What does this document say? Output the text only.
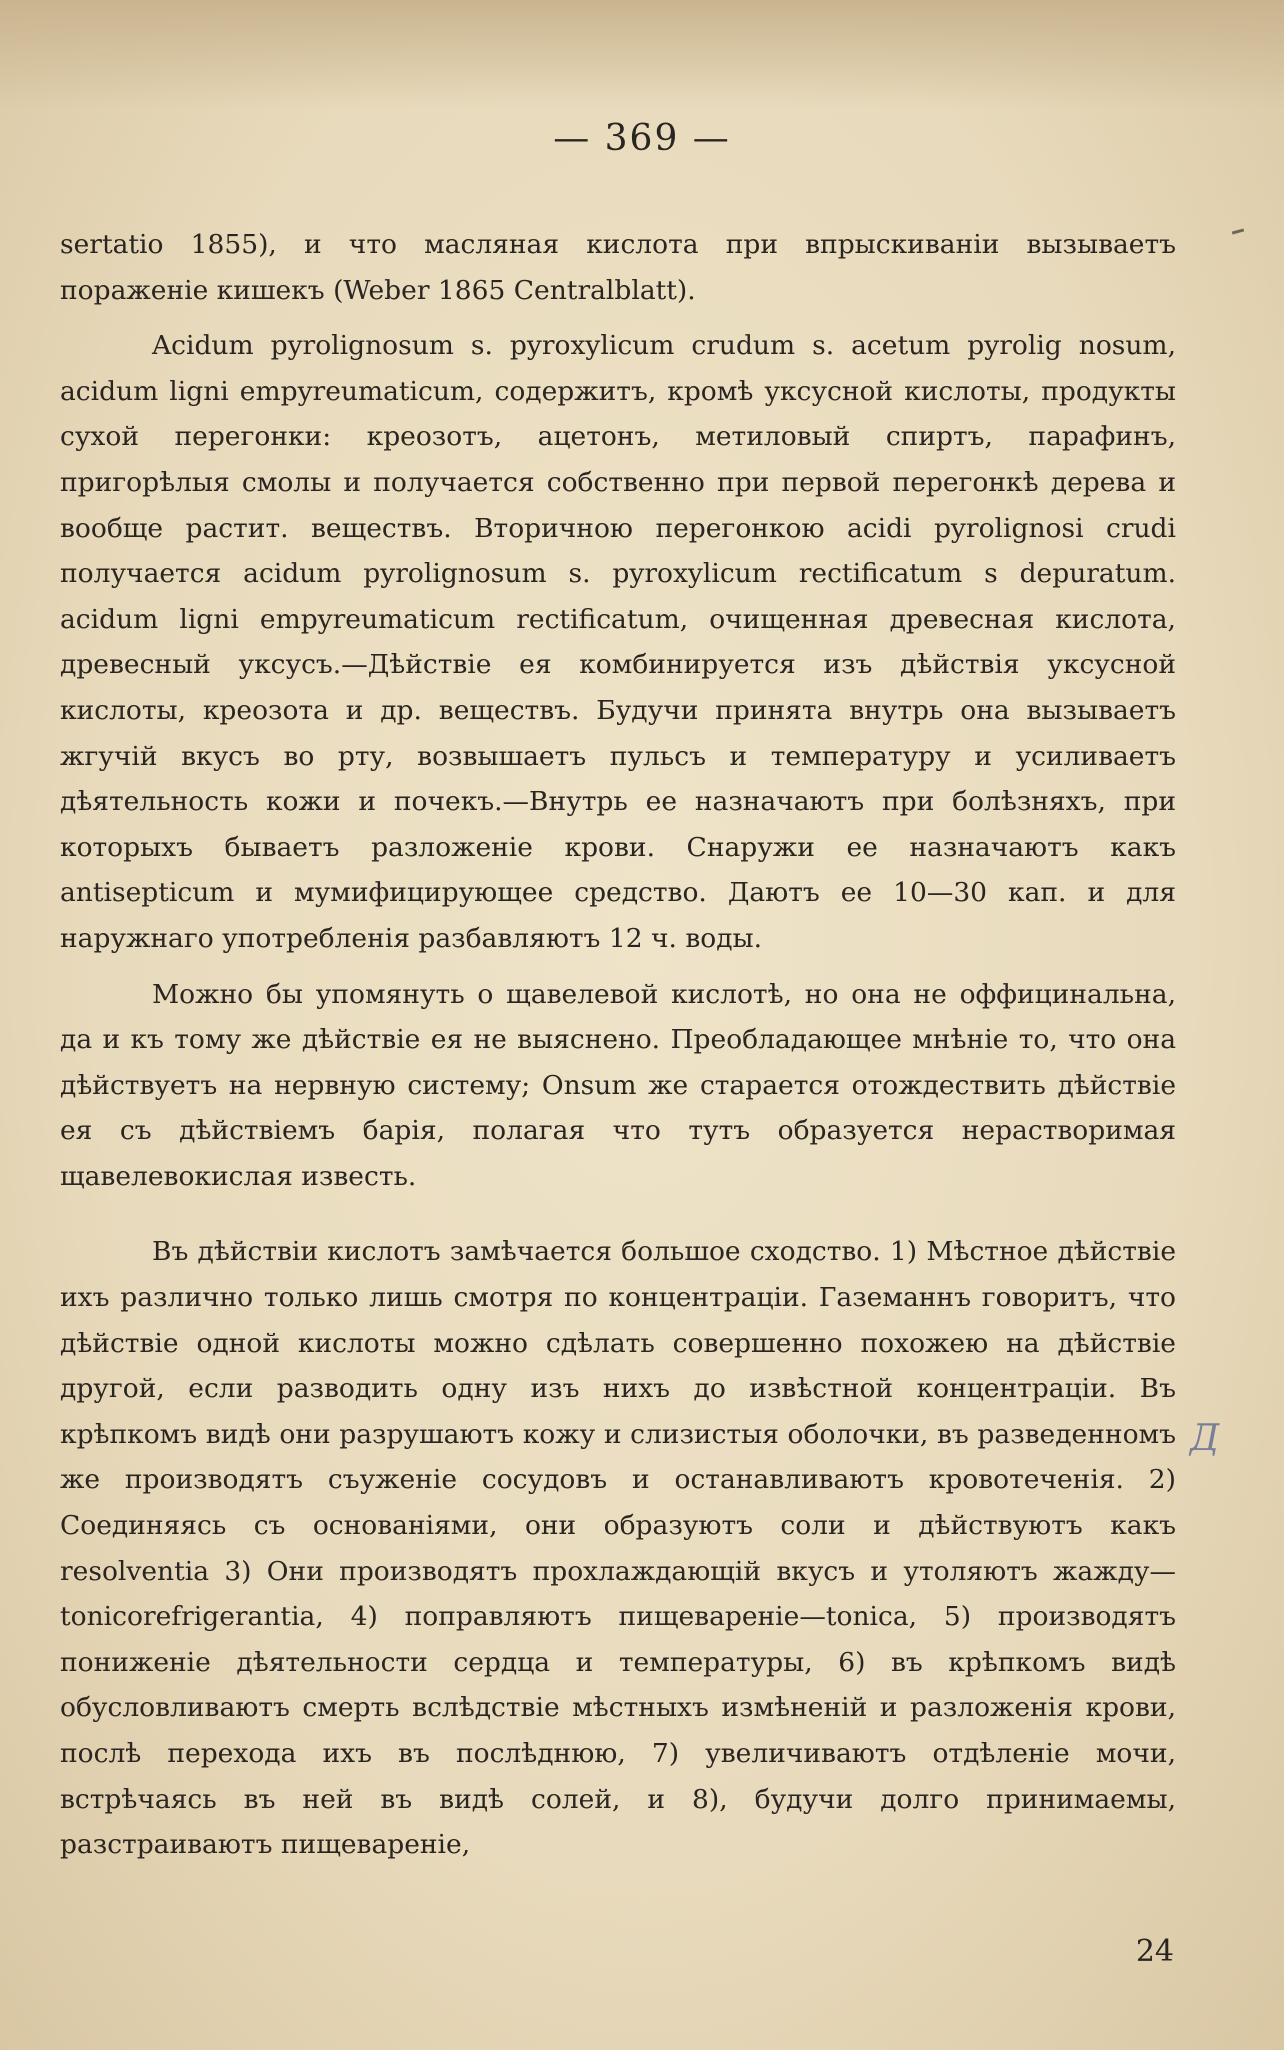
— 369 —

sertatio 1855), и что масляная кислота при впрыскиваніи вызываетъ поpаженіе кишекъ (Weber 1865 Centralblatt).

Acidum pyrolignosum s. pyroxylicum crudum s. acetum pyrolig nosum, acidum ligni empyreumaticum, содержитъ, кромѣ уксусной кислоты, продукты сухой перегонки: креозотъ, ацетонъ, метиловый спиртъ, парафинъ, пригорѣлыя смолы и получается собственно при первой перегонкѣ дерева и вообще растит. веществъ. Вторичною перегонкою acidi pyrolignosi crudi получается acidum pyrolignosum s. pyroxylicum rectificatum s depuratum. acidum ligni empyreumaticum rectificatum, очищенная древесная кислота, древесный уксусъ.—Дѣйствіе ея комбинируется изъ дѣйствія уксусной кислоты, креозота и др. веществъ. Будучи принята внутрь она вызываетъ жгучій вкусъ во рту, возвышаетъ пульсъ и температуру и усиливаетъ дѣятельность кожи и почекъ.—Внутрь ее назначаютъ при болѣзняхъ, при которыхъ бываетъ разложеніе крови. Снаружи ее назначаютъ какъ antisepticum и мумифицирующее средство. Даютъ ее 10—30 кап. и для наружнаго употребленія разбавляютъ 12 ч. воды.

Можно бы упомянуть о щавелевой кислотѣ, но она не оффицинальна, да и къ тому же дѣйствіе ея не выяснено. Преобладающее мнѣніе то, что она дѣйствуетъ на нервную систему; Onsum же старается отождествить дѣйствіе ея съ дѣйствіемъ барія, полагая что тутъ образуется нерастворимая щавелевокислая известь.

Въ дѣйствіи кислотъ замѣчается большое сходство. 1) Мѣстное дѣйствіе ихъ различно только лишь смотря по концентраціи. Газеманнъ говоритъ, что дѣйствіе одной кислоты можно сдѣлать совершенно похожею на дѣйствіе другой, если разводить одну изъ нихъ до извѣстной концентраціи. Въ крѣпкомъ видѣ они разрушаютъ кожу и слизистыя оболочки, въ разведенномъ же производятъ съуженіе сосудовъ и останавливаютъ кровотеченія. 2) Соединяясь съ основаніями, они образуютъ соли и дѣйствуютъ какъ resolventia 3) Они производятъ прохлаждающій вкусъ и утоляютъ жажду—tonicorefrigerantia, 4) поправляютъ пищевареніе—tonica, 5) производятъ пониженіе дѣятельности сердца и температуры, 6) въ крѣпкомъ видѣ обусловливаютъ смерть вслѣдствіе мѣстныхъ измѣненій и разложенія крови, послѣ перехода ихъ въ послѣднюю, 7) увеличиваютъ отдѣленіе мочи, встрѣчаясь въ ней въ видѣ солей, и 8), будучи долго принимаемы, разстраиваютъ пищевареніе,

Д
24
